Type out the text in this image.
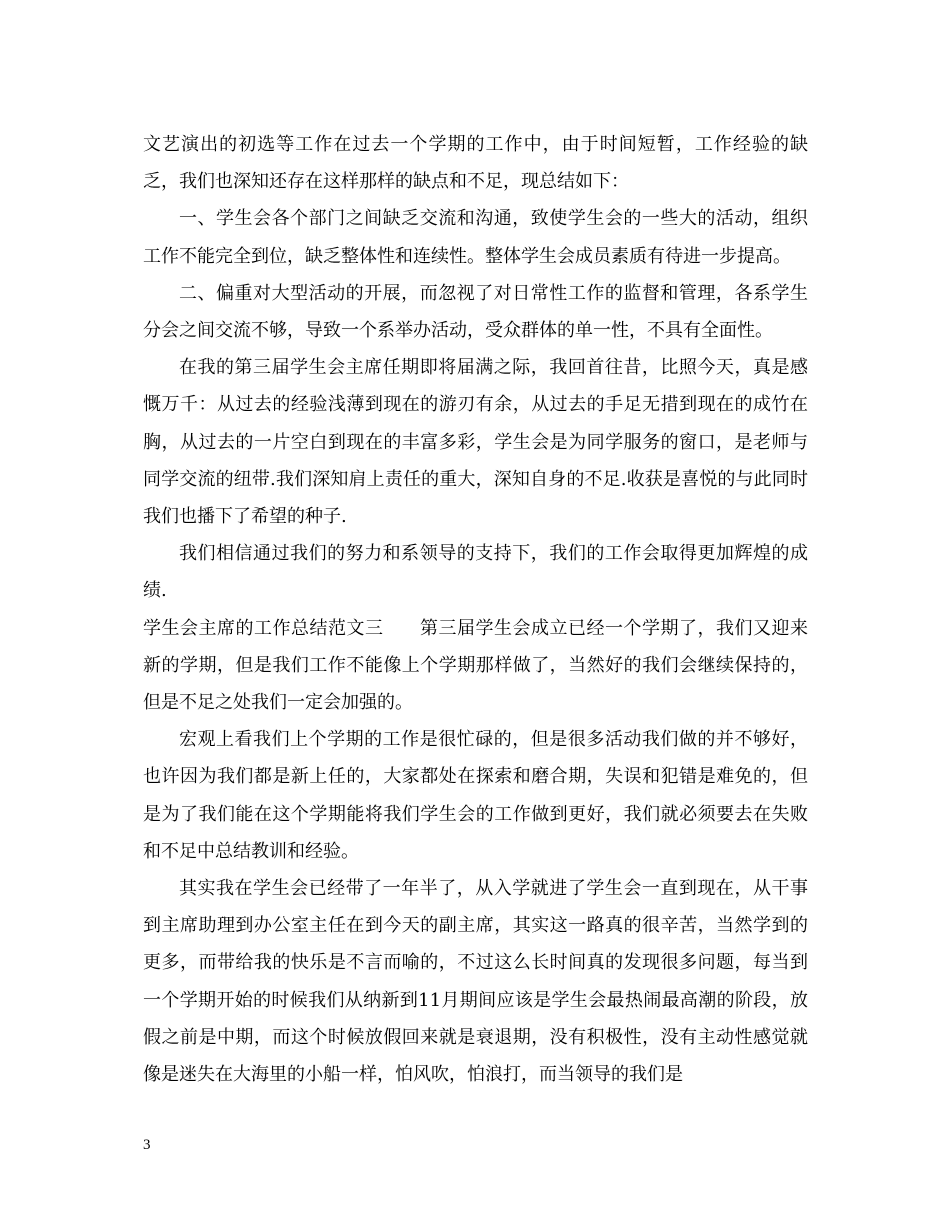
文艺演出的初选等工作在过去一个学期的工作中，由于时间短暂，工作经验的缺乏，我们也深知还存在这样那样的缺点和不足，现总结如下：

一、学生会各个部门之间缺乏交流和沟通，致使学生会的一些大的活动，组织工作不能完全到位，缺乏整体性和连续性。整体学生会成员素质有待进一步提高。

二、偏重对大型活动的开展，而忽视了对日常性工作的监督和管理，各系学生分会之间交流不够，导致一个系举办活动，受众群体的单一性，不具有全面性。

在我的第三届学生会主席任期即将届满之际，我回首往昔，比照今天，真是感慨万千：从过去的经验浅薄到现在的游刃有余，从过去的手足无措到现在的成竹在胸，从过去的一片空白到现在的丰富多彩，学生会是为同学服务的窗口，是老师与同学交流的纽带.我们深知肩上责任的重大，深知自身的不足.收获是喜悦的与此同时我们也播下了希望的种子.

我们相信通过我们的努力和系领导的支持下，我们的工作会取得更加辉煌的成绩.

学生会主席的工作总结范文三 第三届学生会成立已经一个学期了，我们又迎来新的学期，但是我们工作不能像上个学期那样做了，当然好的我们会继续保持的，但是不足之处我们一定会加强的。

宏观上看我们上个学期的工作是很忙碌的，但是很多活动我们做的并不够好，也许因为我们都是新上任的，大家都处在探索和磨合期，失误和犯错是难免的，但是为了我们能在这个学期能将我们学生会的工作做到更好，我们就必须要去在失败和不足中总结教训和经验。

其实我在学生会已经带了一年半了，从入学就进了学生会一直到现在，从干事到主席助理到办公室主任在到今天的副主席，其实这一路真的很辛苦，当然学到的更多，而带给我的快乐是不言而喻的，不过这么长时间真的发现很多问题，每当到一个学期开始的时候我们从纳新到11月期间应该是学生会最热闹最高潮的阶段，放假之前是中期，而这个时候放假回来就是衰退期，没有积极性，没有主动性感觉就像是迷失在大海里的小船一样，怕风吹，怕浪打，而当领导的我们是

3
